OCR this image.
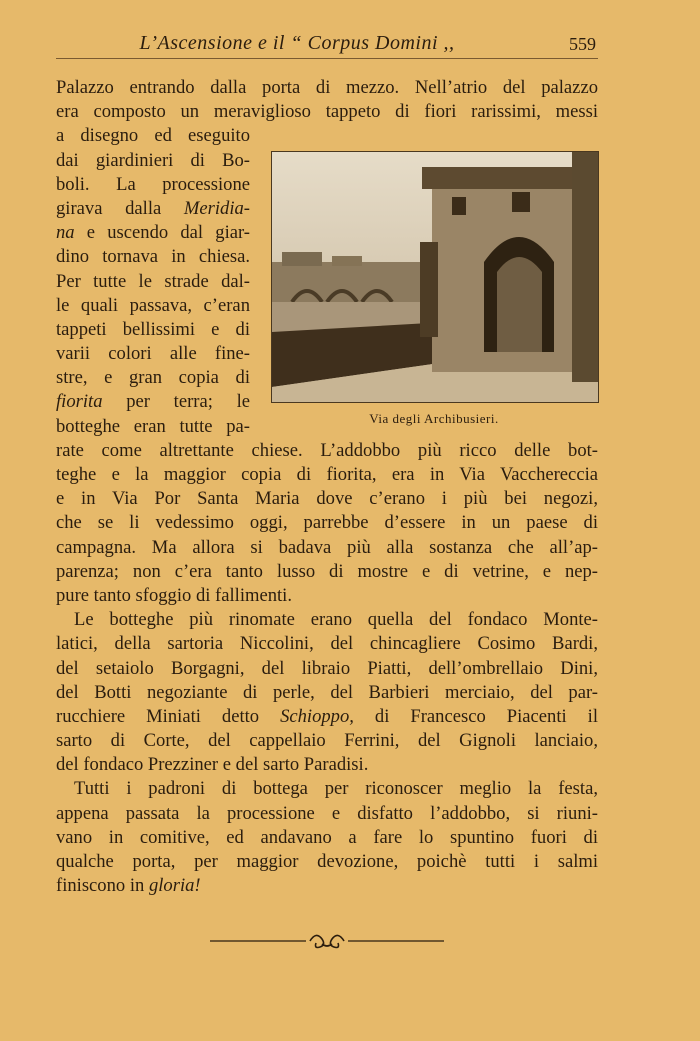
L’Ascensione e il “ Corpus Domini ,,	559
Palazzo entrando dalla porta di mezzo. Nell’atrio del palazzo
era composto un meraviglioso tappeto di fiori rarissimi, messi
a disegno ed eseguito
dai giardinieri di Bo-
boli. La processione
girava dalla Meridia-
na e uscendo dal giar-
dino tornava in chiesa.
Per tutte le strade dal-
le quali passava, c’eran
tappeti bellissimi e di
varii colori alle fine-
stre, e gran copia di
fiorita per terra; le
botteghe eran tutte pa-
rate come altrettante chiese. L’addobbo più ricco delle bot-
teghe e la maggior copia di fiorita, era in Via Vacchereccia
e in Via Por Santa Maria dove c’erano i più bei negozi,
che se li vedessimo oggi, parrebbe d’essere in un paese di
campagna. Ma allora si badava più alla sostanza che all’ap-
parenza; non c’era tanto lusso di mostre e di vetrine, e nep-
pure tanto sfoggio di fallimenti.
Le botteghe più rinomate erano quella del fondaco Monte-
latici, della sartoria Niccolini, del chincagliere Cosimo Bardi,
del setaiolo Borgagni, del libraio Piatti, dell’ombrellaio Dini,
del Botti negoziante di perle, del Barbieri merciaio, del par-
rucchiere Miniati detto Schioppo, di Francesco Piacenti il
sarto di Corte, del cappellaio Ferrini, del Gignoli lanciaio,
del fondaco Prezziner e del sarto Paradisi.
Tutti i padroni di bottega per riconoscer meglio la festa,
appena passata la processione e disfatto l’addobbo, si riuni-
vano in comitive, ed andavano a fare lo spuntino fuori di
qualche porta, per maggior devozione, poichè tutti i salmi
finiscono in gloria!
Via degli Archibusieri.
